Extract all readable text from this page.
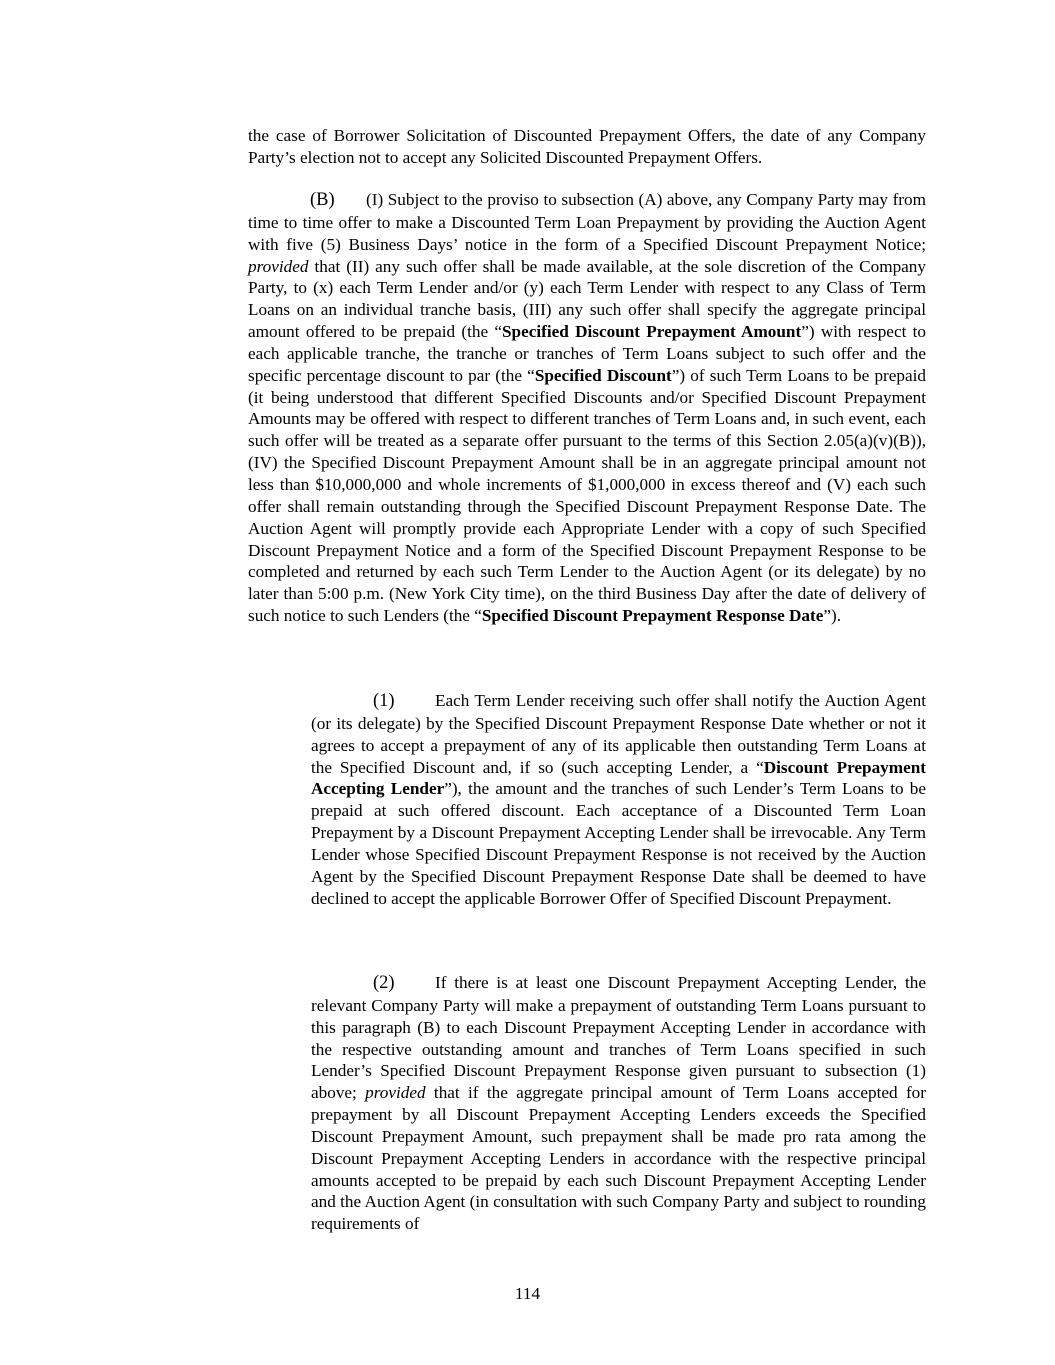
the case of Borrower Solicitation of Discounted Prepayment Offers, the date of any Company Party’s election not to accept any Solicited Discounted Prepayment Offers.

(B) (I) Subject to the proviso to subsection (A) above, any Company Party may from time to time offer to make a Discounted Term Loan Prepayment by providing the Auction Agent with five (5) Business Days’ notice in the form of a Specified Discount Prepayment Notice; provided that (II) any such offer shall be made available, at the sole discretion of the Company Party, to (x) each Term Lender and/or (y) each Term Lender with respect to any Class of Term Loans on an individual tranche basis, (III) any such offer shall specify the aggregate principal amount offered to be prepaid (the “Specified Discount Prepayment Amount”) with respect to each applicable tranche, the tranche or tranches of Term Loans subject to such offer and the specific percentage discount to par (the “Specified Discount”) of such Term Loans to be prepaid (it being understood that different Specified Discounts and/or Specified Discount Prepayment Amounts may be offered with respect to different tranches of Term Loans and, in such event, each such offer will be treated as a separate offer pursuant to the terms of this Section 2.05(a)(v)(B)), (IV) the Specified Discount Prepayment Amount shall be in an aggregate principal amount not less than $10,000,000 and whole increments of $1,000,000 in excess thereof and (V) each such offer shall remain outstanding through the Specified Discount Prepayment Response Date. The Auction Agent will promptly provide each Appropriate Lender with a copy of such Specified Discount Prepayment Notice and a form of the Specified Discount Prepayment Response to be completed and returned by each such Term Lender to the Auction Agent (or its delegate) by no later than 5:00 p.m. (New York City time), on the third Business Day after the date of delivery of such notice to such Lenders (the “Specified Discount Prepayment Response Date”).

(1) Each Term Lender receiving such offer shall notify the Auction Agent (or its delegate) by the Specified Discount Prepayment Response Date whether or not it agrees to accept a prepayment of any of its applicable then outstanding Term Loans at the Specified Discount and, if so (such accepting Lender, a “Discount Prepayment Accepting Lender”), the amount and the tranches of such Lender’s Term Loans to be prepaid at such offered discount. Each acceptance of a Discounted Term Loan Prepayment by a Discount Prepayment Accepting Lender shall be irrevocable. Any Term Lender whose Specified Discount Prepayment Response is not received by the Auction Agent by the Specified Discount Prepayment Response Date shall be deemed to have declined to accept the applicable Borrower Offer of Specified Discount Prepayment.

(2) If there is at least one Discount Prepayment Accepting Lender, the relevant Company Party will make a prepayment of outstanding Term Loans pursuant to this paragraph (B) to each Discount Prepayment Accepting Lender in accordance with the respective outstanding amount and tranches of Term Loans specified in such Lender’s Specified Discount Prepayment Response given pursuant to subsection (1) above; provided that if the aggregate principal amount of Term Loans accepted for prepayment by all Discount Prepayment Accepting Lenders exceeds the Specified Discount Prepayment Amount, such prepayment shall be made pro rata among the Discount Prepayment Accepting Lenders in accordance with the respective principal amounts accepted to be prepaid by each such Discount Prepayment Accepting Lender and the Auction Agent (in consultation with such Company Party and subject to rounding requirements of

114
